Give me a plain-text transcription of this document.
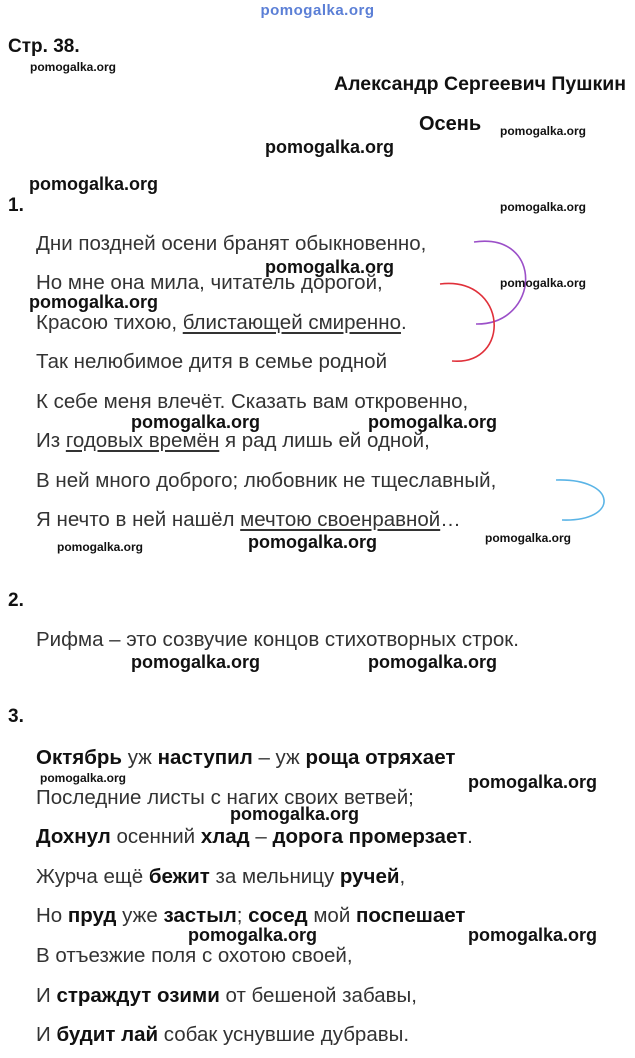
pomogalka.org
Стр. 38.
Александр Сергеевич Пушкин
Осень
1.
Дни поздней осени бранят обыкновенно,
Но мне она мила, читатель дорогой,
Красою тихою, блистающей смиренно.
Так нелюбимое дитя в семье родной
К себе меня влечёт. Сказать вам откровенно,
Из годовых времён я рад лишь ей одной,
В ней много доброго; любовник не тщеславный,
Я нечто в ней нашёл мечтою своенравной…
2.
Рифма – это созвучие концов стихотворных строк.
3.
Октябрь уж наступил – уж роща отряхает
Последние листы с нагих своих ветвей;
Дохнул осенний хлад – дорога промерзает.
Журча ещё бежит за мельницу ручей,
Но пруд уже застыл; сосед мой поспешает
В отъезжие поля с охотою своей,
И страждут озими от бешеной забавы,
И будит лай собак уснувшие дубравы.
pomogalka.org
pomogalka.org
pomogalka.org
pomogalka.org
pomogalka.org
pomogalka.org
pomogalka.org
pomogalka.org
pomogalka.org	pomogalka.org
pomogalka.org	pomogalka.org	pomogalka.org
pomogalka.org	pomogalka.org
pomogalka.org	pomogalka.org
pomogalka.org
pomogalka.org	pomogalka.org
